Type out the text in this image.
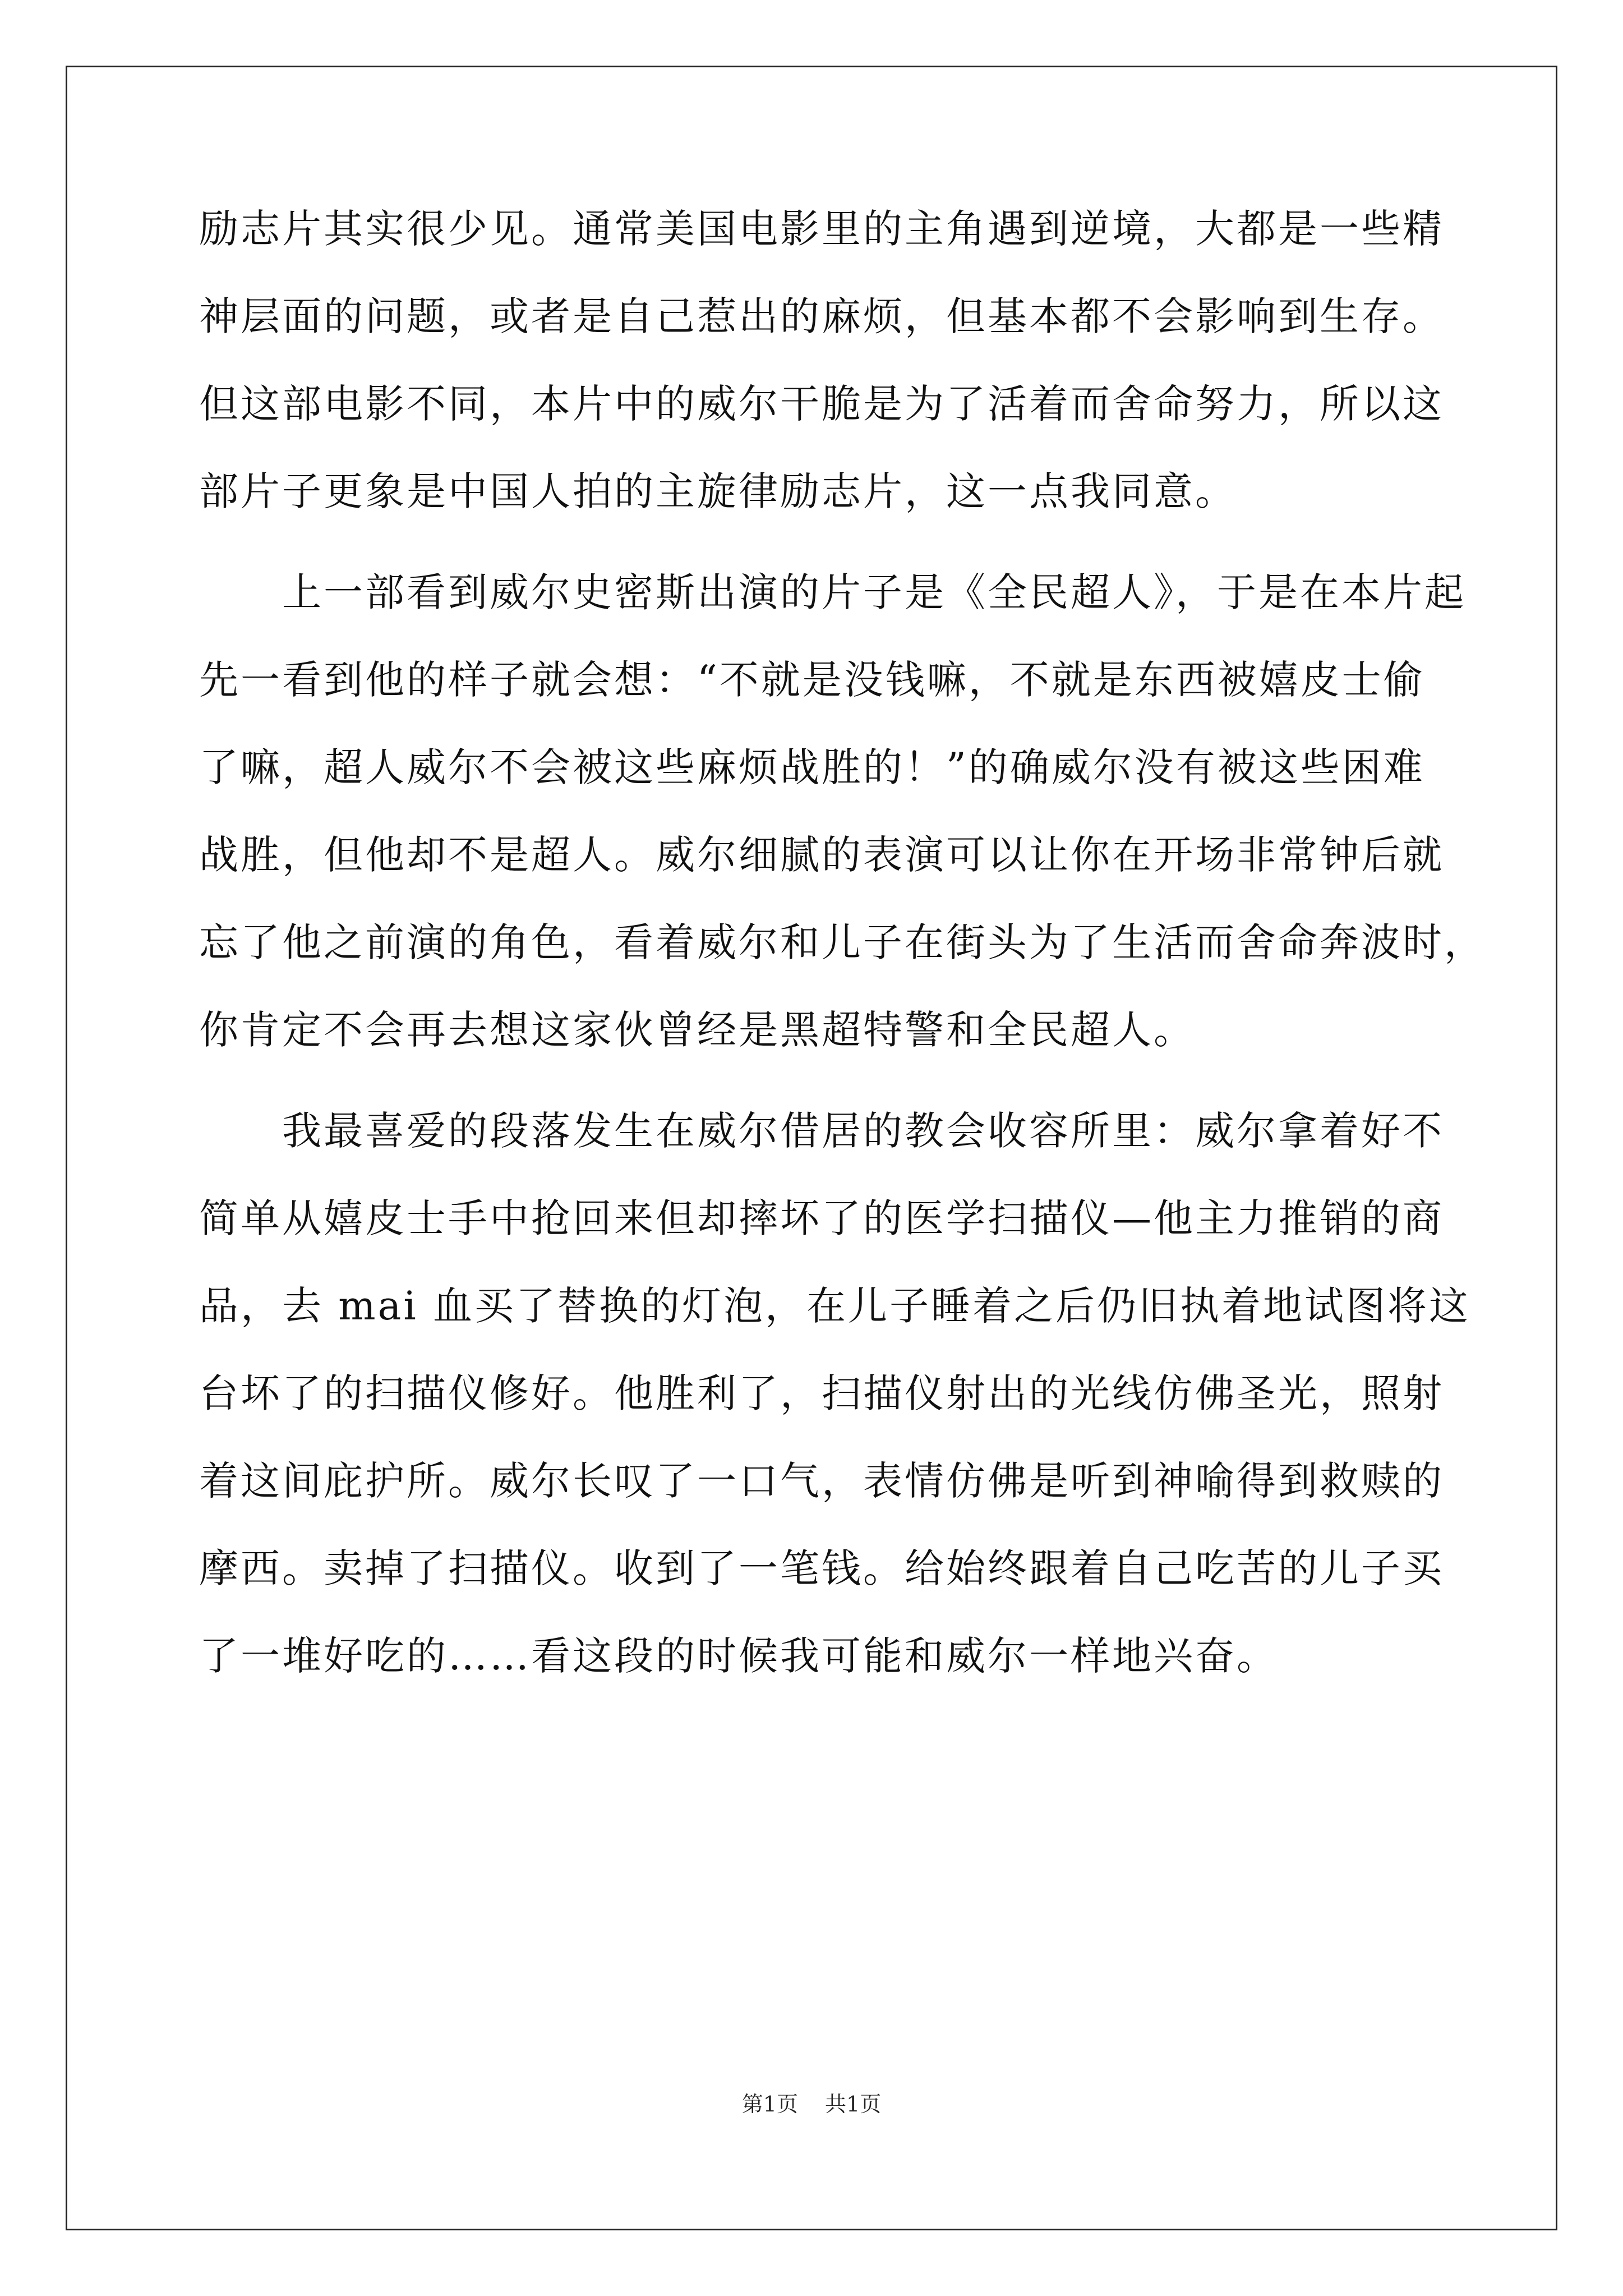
励志片其实很少见。通常美国电影里的主角遇到逆境，大都是一些精
神层面的问题，或者是自己惹出的麻烦，但基本都不会影响到生存。
但这部电影不同，本片中的威尔干脆是为了活着而舍命努力，所以这
部片子更象是中国人拍的主旋律励志片，这一点我同意。
　　上一部看到威尔史密斯出演的片子是《全民超人》，于是在本片起
先一看到他的样子就会想：“不就是没钱嘛，不就是东西被嬉皮士偷
了嘛，超人威尔不会被这些麻烦战胜的！”的确威尔没有被这些困难
战胜，但他却不是超人。威尔细腻的表演可以让你在开场非常钟后就
忘了他之前演的角色，看着威尔和儿子在街头为了生活而舍命奔波时，
你肯定不会再去想这家伙曾经是黑超特警和全民超人。
　　我最喜爱的段落发生在威尔借居的教会收容所里：威尔拿着好不
简单从嬉皮士手中抢回来但却摔坏了的医学扫描仪—他主力推销的商
品，去 mai 血买了替换的灯泡，在儿子睡着之后仍旧执着地试图将这
台坏了的扫描仪修好。他胜利了，扫描仪射出的光线仿佛圣光，照射
着这间庇护所。威尔长叹了一口气，表情仿佛是听到神喻得到救赎的
摩西。卖掉了扫描仪。收到了一笔钱。给始终跟着自己吃苦的儿子买
了一堆好吃的……看这段的时候我可能和威尔一样地兴奋。
第1页 共1页
